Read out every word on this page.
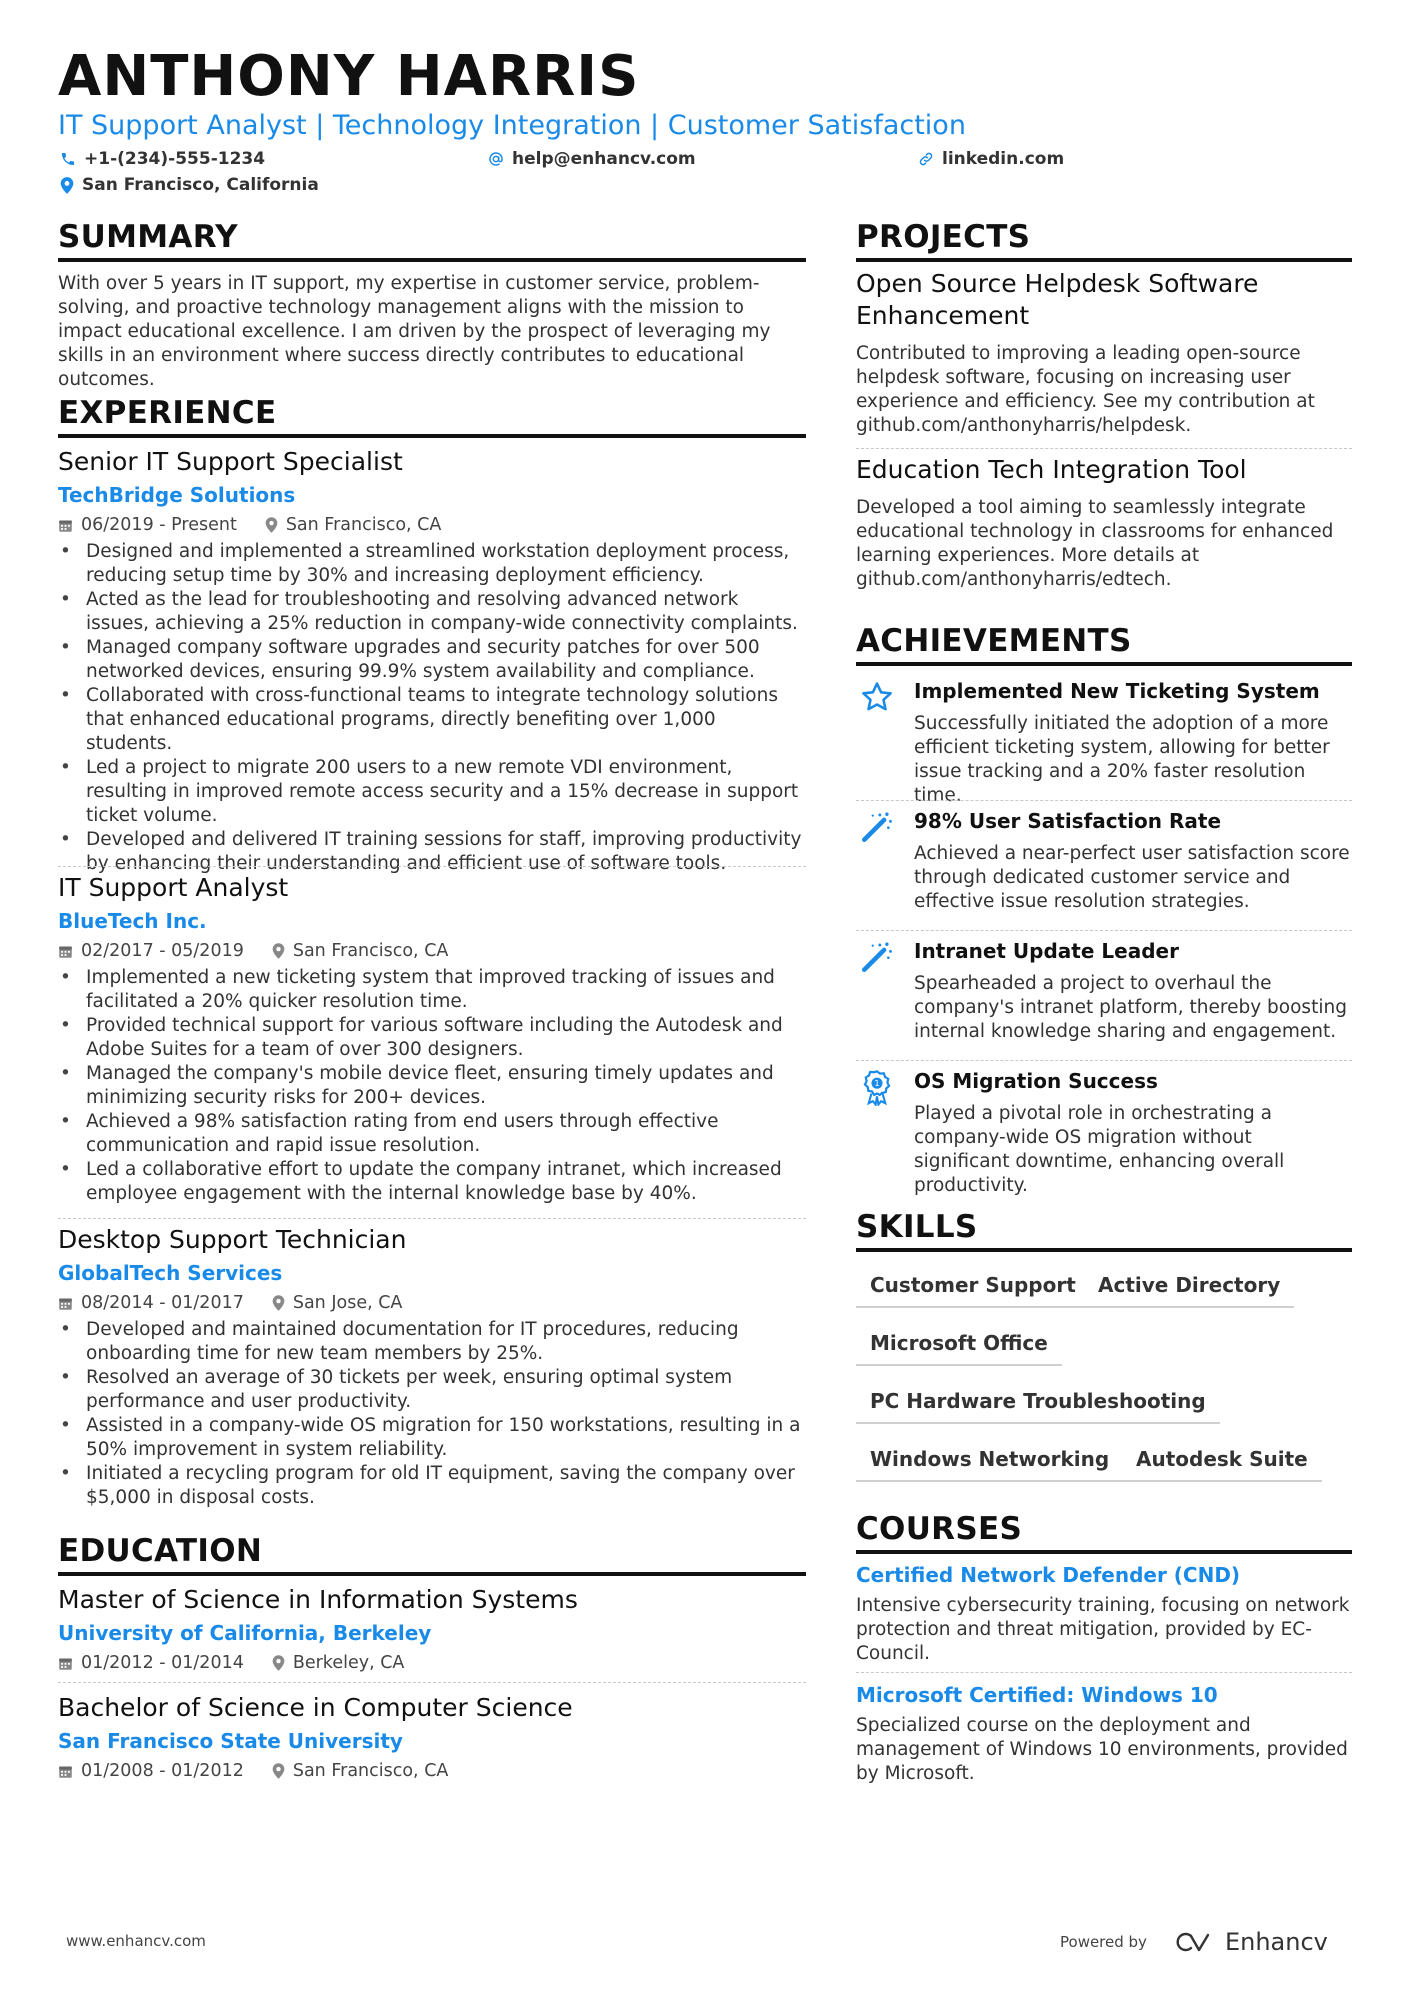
ANTHONY HARRIS
IT Support Analyst | Technology Integration | Customer Satisfaction
+1-(234)-555-1234	help@enhancv.com	linkedin.com
San Francisco, California
SUMMARY
With over 5 years in IT support, my expertise in customer service, problem-solving, and proactive technology management aligns with the mission to impact educational excellence. I am driven by the prospect of leveraging my skills in an environment where success directly contributes to educational outcomes.
EXPERIENCE
Senior IT Support Specialist
TechBridge Solutions
06/2019 - Present	San Francisco, CA
• Designed and implemented a streamlined workstation deployment process, reducing setup time by 30% and increasing deployment efficiency.
• Acted as the lead for troubleshooting and resolving advanced network issues, achieving a 25% reduction in company-wide connectivity complaints.
• Managed company software upgrades and security patches for over 500 networked devices, ensuring 99.9% system availability and compliance.
• Collaborated with cross-functional teams to integrate technology solutions that enhanced educational programs, directly benefiting over 1,000 students.
• Led a project to migrate 200 users to a new remote VDI environment, resulting in improved remote access security and a 15% decrease in support ticket volume.
• Developed and delivered IT training sessions for staff, improving productivity by enhancing their understanding and efficient use of software tools.
IT Support Analyst
BlueTech Inc.
02/2017 - 05/2019	San Francisco, CA
• Implemented a new ticketing system that improved tracking of issues and facilitated a 20% quicker resolution time.
• Provided technical support for various software including the Autodesk and Adobe Suites for a team of over 300 designers.
• Managed the company's mobile device fleet, ensuring timely updates and minimizing security risks for 200+ devices.
• Achieved a 98% satisfaction rating from end users through effective communication and rapid issue resolution.
• Led a collaborative effort to update the company intranet, which increased employee engagement with the internal knowledge base by 40%.
Desktop Support Technician
GlobalTech Services
08/2014 - 01/2017	San Jose, CA
• Developed and maintained documentation for IT procedures, reducing onboarding time for new team members by 25%.
• Resolved an average of 30 tickets per week, ensuring optimal system performance and user productivity.
• Assisted in a company-wide OS migration for 150 workstations, resulting in a 50% improvement in system reliability.
• Initiated a recycling program for old IT equipment, saving the company over $5,000 in disposal costs.
EDUCATION
Master of Science in Information Systems
University of California, Berkeley
01/2012 - 01/2014	Berkeley, CA
Bachelor of Science in Computer Science
San Francisco State University
01/2008 - 01/2012	San Francisco, CA
PROJECTS
Open Source Helpdesk Software Enhancement
Contributed to improving a leading open-source helpdesk software, focusing on increasing user experience and efficiency. See my contribution at github.com/anthonyharris/helpdesk.
Education Tech Integration Tool
Developed a tool aiming to seamlessly integrate educational technology in classrooms for enhanced learning experiences. More details at github.com/anthonyharris/edtech.
ACHIEVEMENTS
Implemented New Ticketing System
Successfully initiated the adoption of a more efficient ticketing system, allowing for better issue tracking and a 20% faster resolution time.
98% User Satisfaction Rate
Achieved a near-perfect user satisfaction score through dedicated customer service and effective issue resolution strategies.
Intranet Update Leader
Spearheaded a project to overhaul the company's intranet platform, thereby boosting internal knowledge sharing and engagement.
1 OS Migration Success
Played a pivotal role in orchestrating a company-wide OS migration without significant downtime, enhancing overall productivity.
SKILLS
Customer Support	Active Directory
Microsoft Office
PC Hardware Troubleshooting
Windows Networking	Autodesk Suite
COURSES
Certified Network Defender (CND)
Intensive cybersecurity training, focusing on network protection and threat mitigation, provided by EC-Council.
Microsoft Certified: Windows 10
Specialized course on the deployment and management of Windows 10 environments, provided by Microsoft.
www.enhancv.com	Powered by	Enhancv
